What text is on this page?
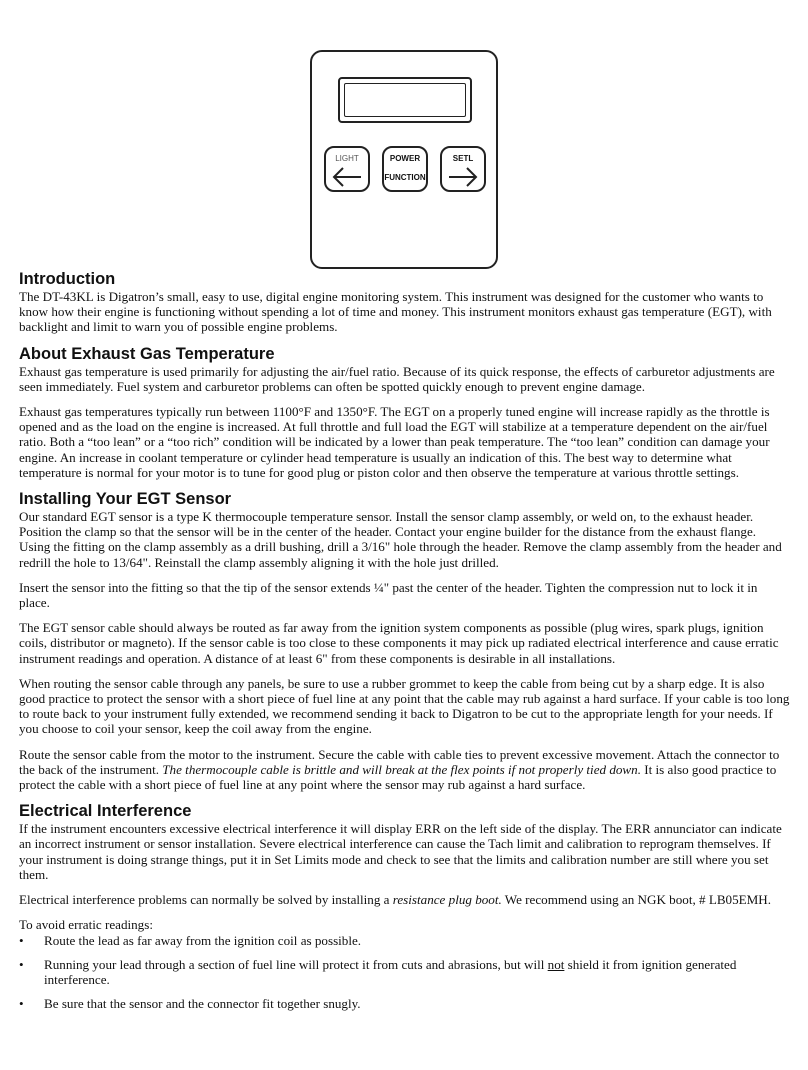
LIGHT	POWER
FUNCTION
SETL
Introduction

The DT-43KL is Digatron’s small, easy to use, digital engine monitoring system. This instrument was designed for the customer who wants to know how their engine is functioning without spending a lot of time and money. This instrument monitors exhaust gas temperature (EGT), with backlight and limit to warn you of possible engine problems.

About Exhaust Gas Temperature

Exhaust gas temperature is used primarily for adjusting the air/fuel ratio. Because of its quick response, the effects of carburetor adjustments are seen immediately. Fuel system and carburetor problems can often be spotted quickly enough to prevent engine damage.

Exhaust gas temperatures typically run between 1100°F and 1350°F. The EGT on a properly tuned engine will increase rapidly as the throttle is opened and as the load on the engine is increased. At full throttle and full load the EGT will stabilize at a temperature dependent on the air/fuel ratio. Both a “too lean” or a “too rich” condition will be indicated by a lower than peak temperature. The “too lean” condition can damage your engine. An increase in coolant temperature or cylinder head temperature is usually an indication of this. The best way to determine what temperature is normal for your motor is to tune for good plug or piston color and then observe the temperature at various throttle settings.

Installing Your EGT Sensor

Our standard EGT sensor is a type K thermocouple temperature sensor. Install the sensor clamp assembly, or weld on, to the exhaust header. Position the clamp so that the sensor will be in the center of the header. Contact your engine builder for the distance from the exhaust flange. Using the fitting on the clamp assembly as a drill bushing, drill a 3/16" hole through the header. Remove the clamp assembly from the header and redrill the hole to 13/64". Reinstall the clamp assembly aligning it with the hole just drilled.

Insert the sensor into the fitting so that the tip of the sensor extends ¼" past the center of the header. Tighten the compression nut to lock it in place.

The EGT sensor cable should always be routed as far away from the ignition system components as possible (plug wires, spark plugs, ignition coils, distributor or magneto). If the sensor cable is too close to these components it may pick up radiated electrical interference and cause erratic instrument readings and operation. A distance of at least 6" from these components is desirable in all installations.

When routing the sensor cable through any panels, be sure to use a rubber grommet to keep the cable from being cut by a sharp edge. It is also good practice to protect the sensor with a short piece of fuel line at any point that the cable may rub against a hard surface. If your cable is too long to route back to your instrument fully extended, we recommend sending it back to Digatron to be cut to the appropriate length for your needs. If you choose to coil your sensor, keep the coil away from the engine.

Route the sensor cable from the motor to the instrument. Secure the cable with cable ties to prevent excessive movement. Attach the connector to the back of the instrument. The thermocouple cable is brittle and will break at the flex points if not properly tied down. It is also good practice to protect the cable with a short piece of fuel line at any point where the sensor may rub against a hard surface.

Electrical Interference

If the instrument encounters excessive electrical interference it will display ERR on the left side of the display. The ERR annunciator can indicate an incorrect instrument or sensor installation. Severe electrical interference can cause the Tach limit and calibration to reprogram themselves. If your instrument is doing strange things, put it in Set Limits mode and check to see that the limits and calibration number are still where you set them.

Electrical interference problems can normally be solved by installing a resistance plug boot. We recommend using an NGK boot, # LB05EMH.

To avoid erratic readings:

• Route the lead as far away from the ignition coil as possible.
• Running your lead through a section of fuel line will protect it from cuts and abrasions, but will not shield it from ignition generated interference.
• Be sure that the sensor and the connector fit together snugly.
